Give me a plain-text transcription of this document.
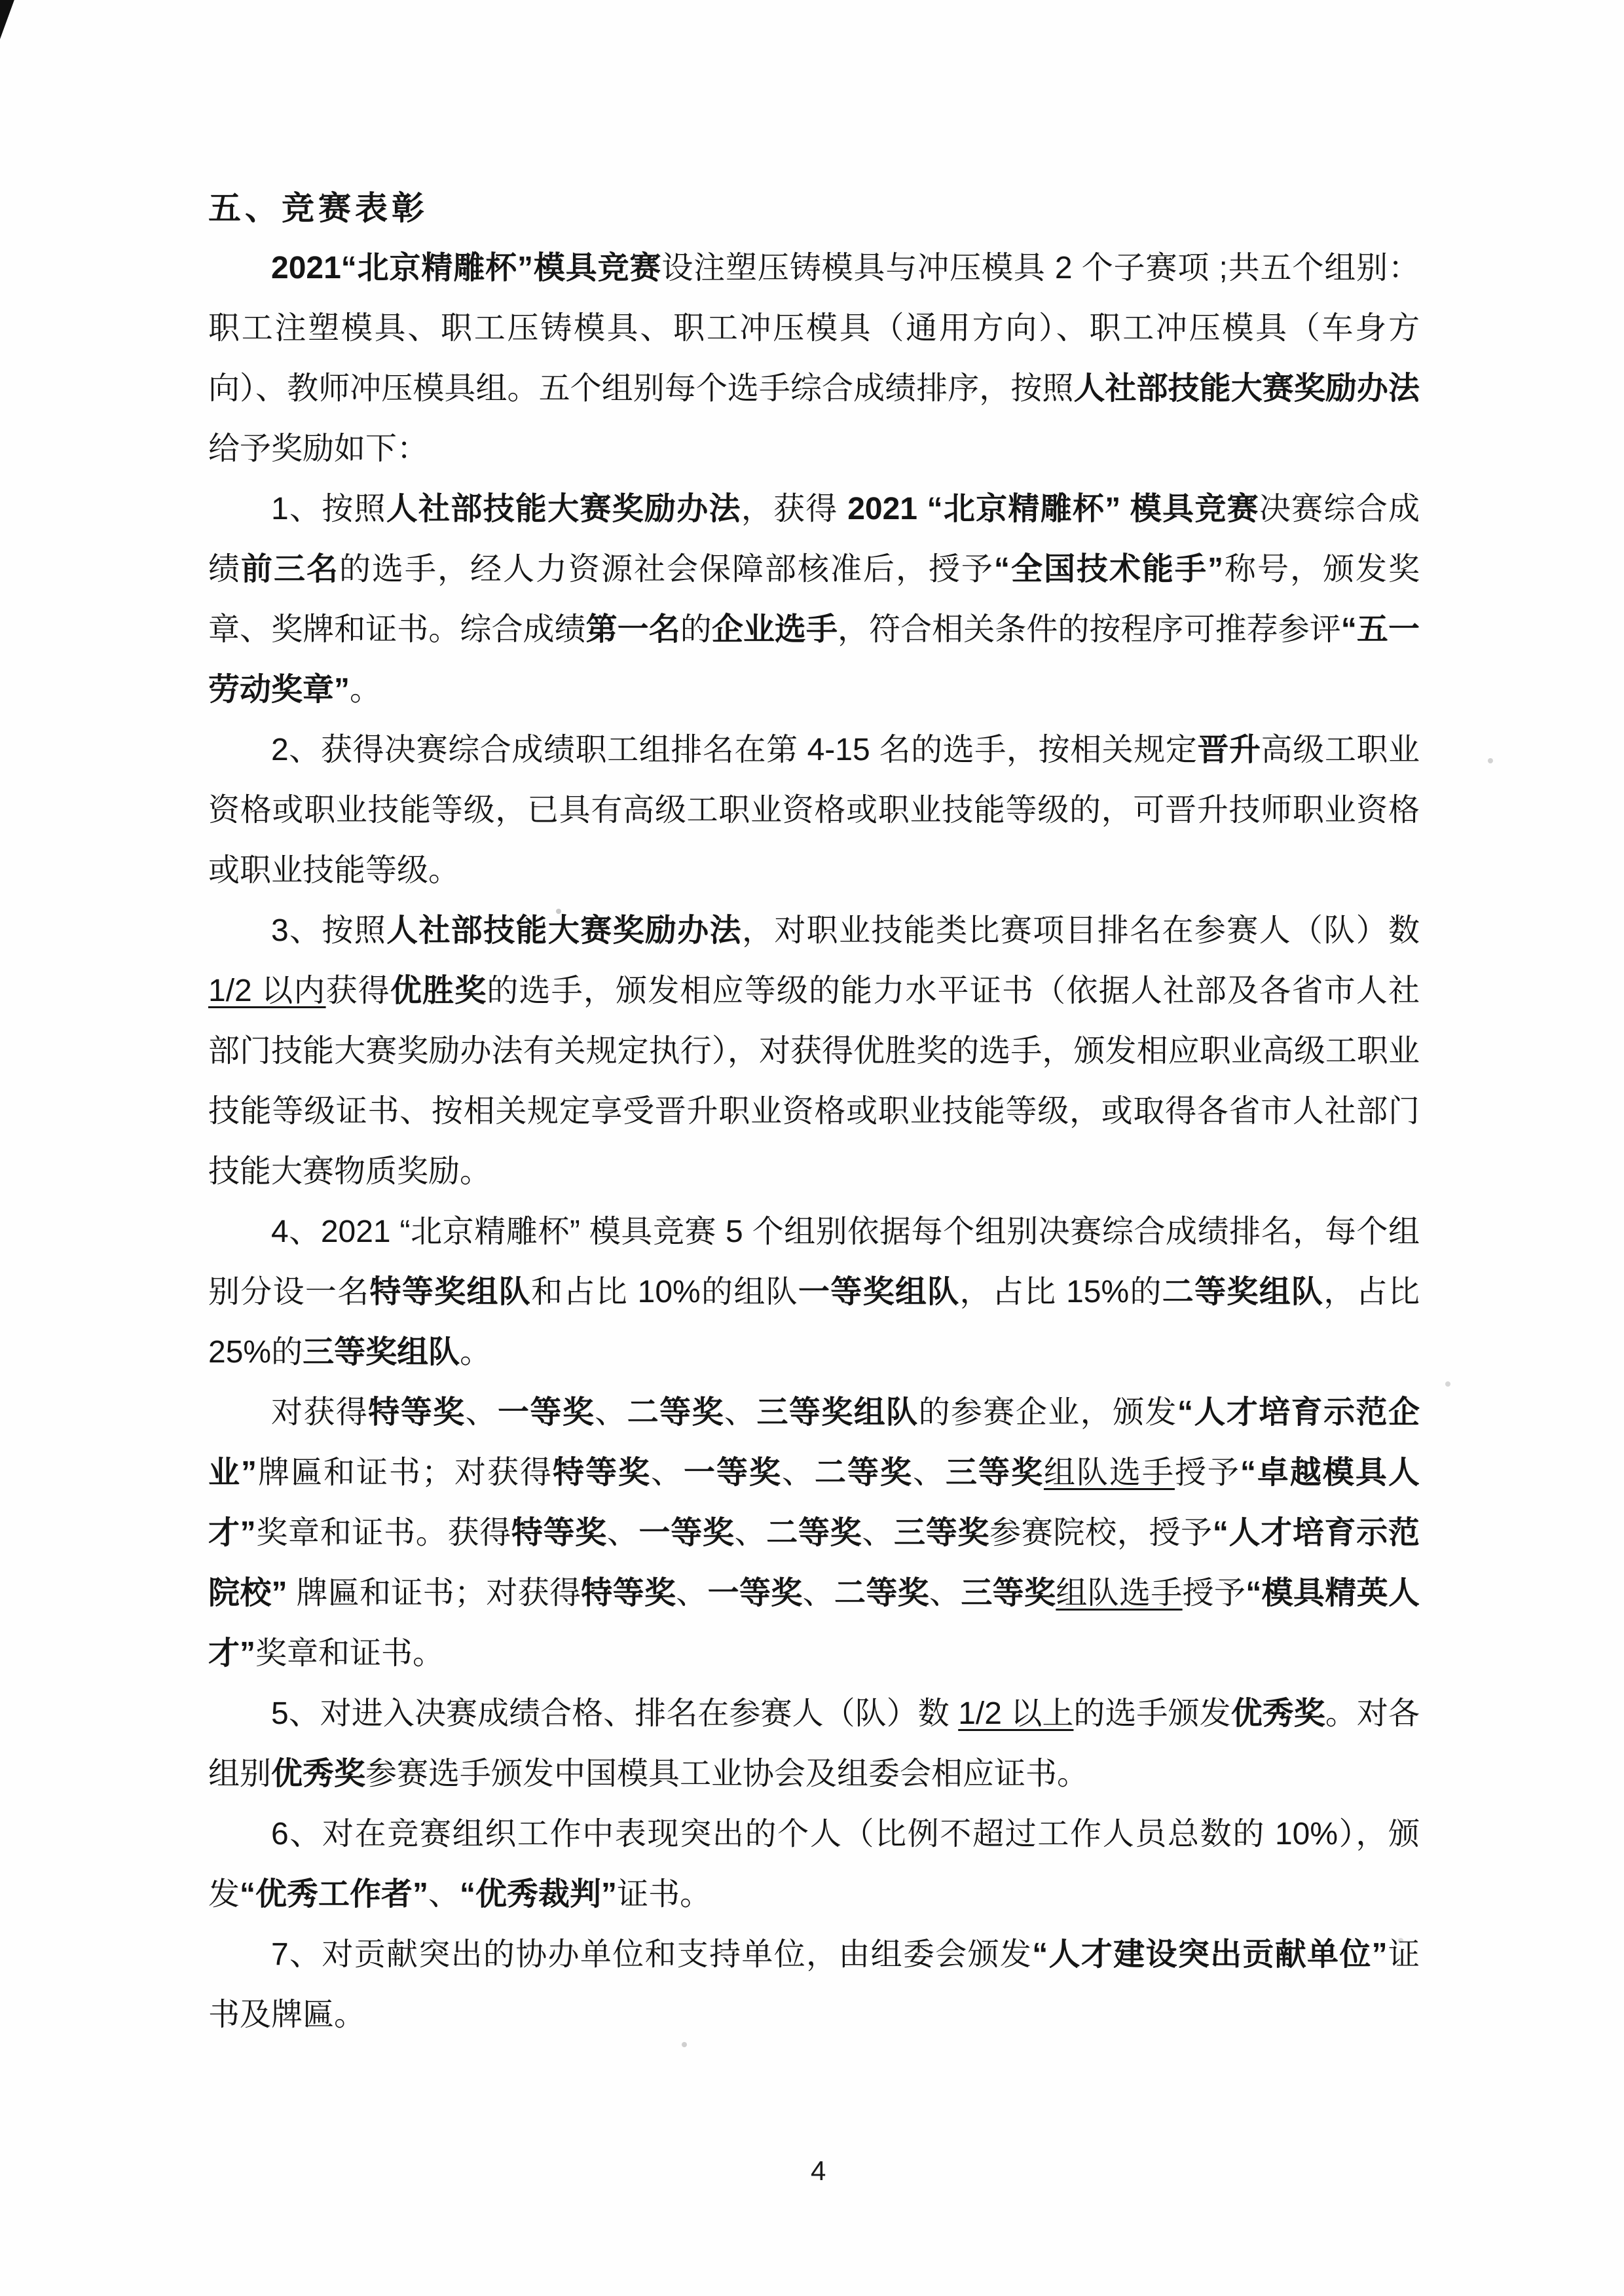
五、竞赛表彰

2021“北京精雕杯”模具竞赛设注塑压铸模具与冲压模具 2 个子赛项 ;共五个组别：职工注塑模具、职工压铸模具、职工冲压模具（通用方向）、职工冲压模具（车身方向）、教师冲压模具组。五个组别每个选手综合成绩排序，按照人社部技能大赛奖励办法给予奖励如下：

1、按照人社部技能大赛奖励办法，获得 2021 “北京精雕杯” 模具竞赛决赛综合成绩前三名的选手，经人力资源社会保障部核准后，授予“全国技术能手”称号，颁发奖章、奖牌和证书。综合成绩第一名的企业选手，符合相关条件的按程序可推荐参评“五一劳动奖章”。

2、获得决赛综合成绩职工组排名在第 4-15 名的选手，按相关规定晋升高级工职业资格或职业技能等级，已具有高级工职业资格或职业技能等级的，可晋升技师职业资格或职业技能等级。

3、按照人社部技能大赛奖励办法，对职业技能类比赛项目排名在参赛人（队）数 1/2 以内获得优胜奖的选手，颁发相应等级的能力水平证书（依据人社部及各省市人社部门技能大赛奖励办法有关规定执行），对获得优胜奖的选手，颁发相应职业高级工职业技能等级证书、按相关规定享受晋升职业资格或职业技能等级，或取得各省市人社部门技能大赛物质奖励。

4、2021 “北京精雕杯” 模具竞赛 5 个组别依据每个组别决赛综合成绩排名，每个组别分设一名特等奖组队和占比 10%的组队一等奖组队，占比 15%的二等奖组队，占比 25%的三等奖组队。

对获得特等奖、一等奖、二等奖、三等奖组队的参赛企业，颁发“人才培育示范企业”牌匾和证书；对获得特等奖、一等奖、二等奖、三等奖组队选手授予“卓越模具人才”奖章和证书。获得特等奖、一等奖、二等奖、三等奖参赛院校，授予“人才培育示范院校” 牌匾和证书；对获得特等奖、一等奖、二等奖、三等奖组队选手授予“模具精英人才”奖章和证书。

5、对进入决赛成绩合格、排名在参赛人（队）数 1/2 以上的选手颁发优秀奖。对各组别优秀奖参赛选手颁发中国模具工业协会及组委会相应证书。

6、对在竞赛组织工作中表现突出的个人（比例不超过工作人员总数的 10%），颁发“优秀工作者”、“优秀裁判”证书。

7、对贡献突出的协办单位和支持单位，由组委会颁发“人才建设突出贡献单位”证书及牌匾。

4
